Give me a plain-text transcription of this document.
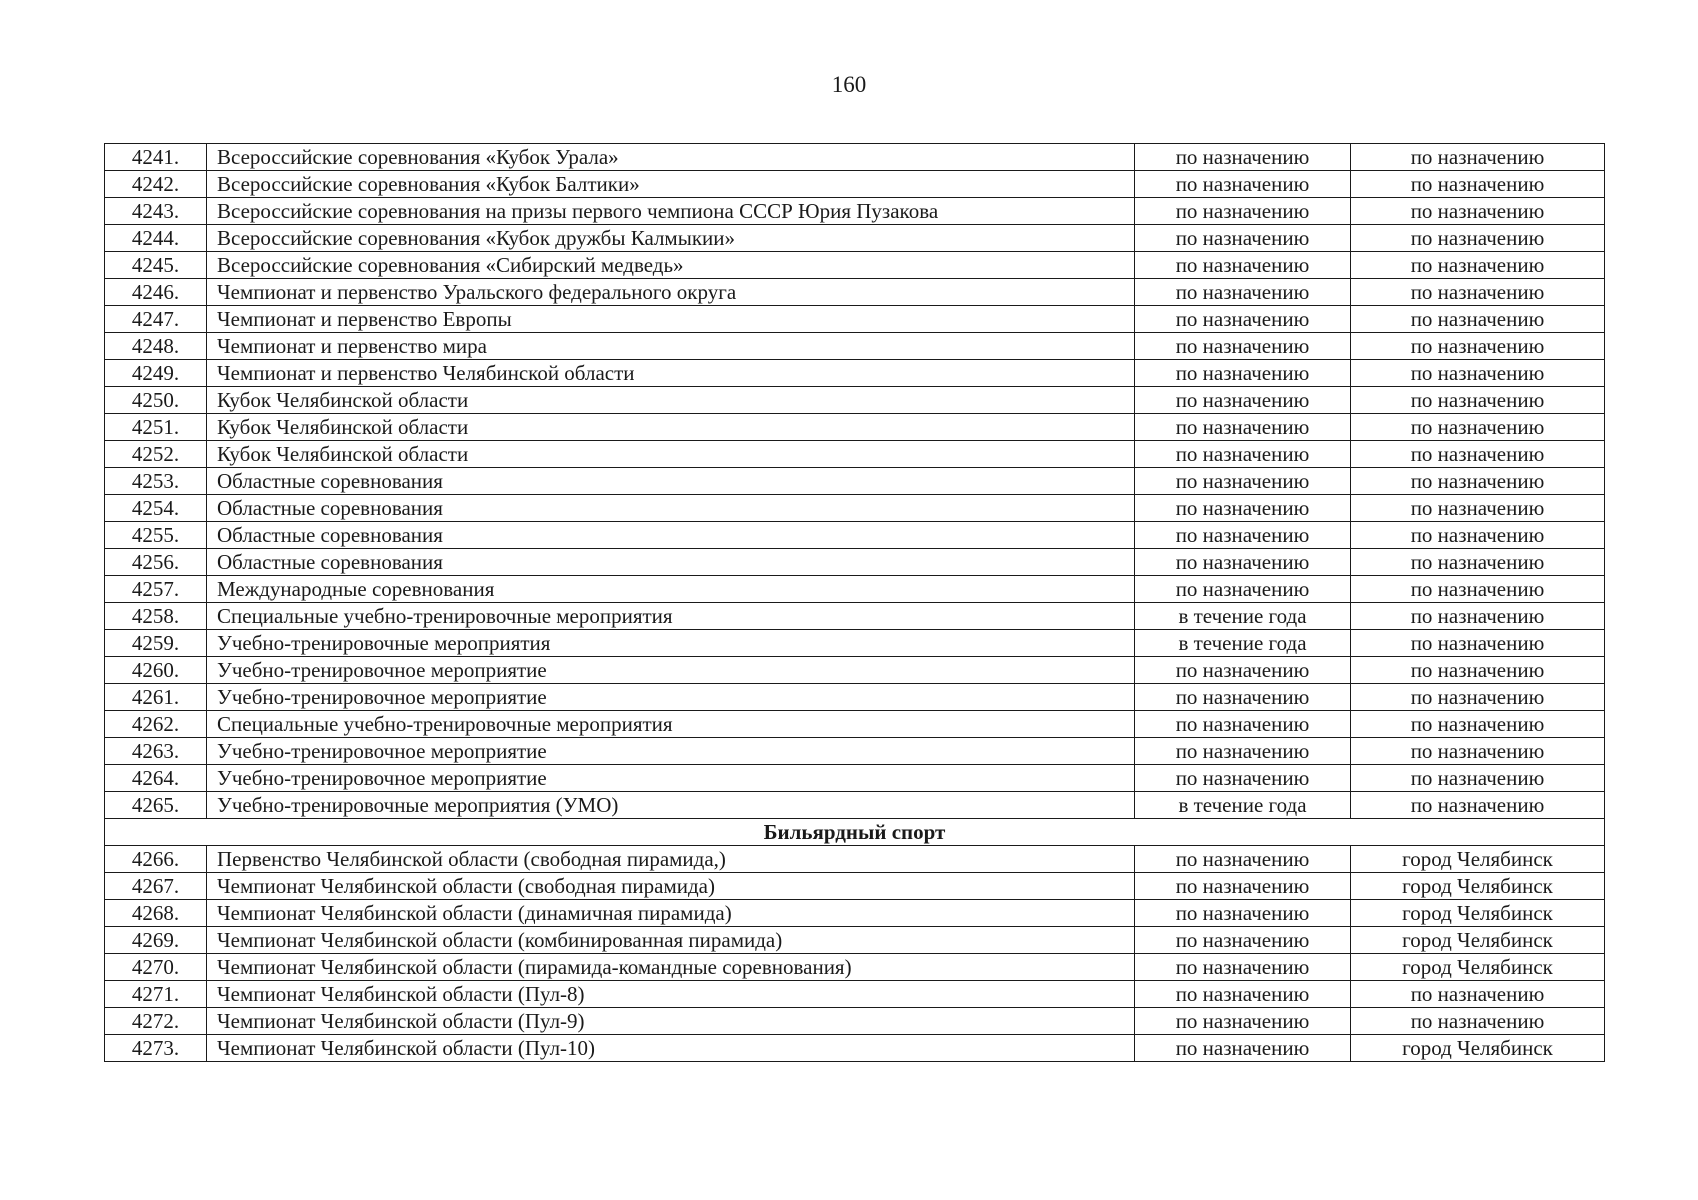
160
4241.	Всероссийские соревнования «Кубок Урала»	по назначению	по назначению
4242.	Всероссийские соревнования «Кубок Балтики»	по назначению	по назначению
4243.	Всероссийские соревнования на призы первого чемпиона СССР Юрия Пузакова	по назначению	по назначению
4244.	Всероссийские соревнования «Кубок дружбы Калмыкии»	по назначению	по назначению
4245.	Всероссийские соревнования «Сибирский медведь»	по назначению	по назначению
4246.	Чемпионат и первенство Уральского федерального округа	по назначению	по назначению
4247.	Чемпионат и первенство Европы	по назначению	по назначению
4248.	Чемпионат и первенство мира	по назначению	по назначению
4249.	Чемпионат и первенство Челябинской области	по назначению	по назначению
4250.	Кубок Челябинской области	по назначению	по назначению
4251.	Кубок Челябинской области	по назначению	по назначению
4252.	Кубок Челябинской области	по назначению	по назначению
4253.	Областные соревнования	по назначению	по назначению
4254.	Областные соревнования	по назначению	по назначению
4255.	Областные соревнования	по назначению	по назначению
4256.	Областные соревнования	по назначению	по назначению
4257.	Международные соревнования	по назначению	по назначению
4258.	Специальные учебно-тренировочные мероприятия	в течение года	по назначению
4259.	Учебно-тренировочные мероприятия	в течение года	по назначению
4260.	Учебно-тренировочное мероприятие	по назначению	по назначению
4261.	Учебно-тренировочное мероприятие	по назначению	по назначению
4262.	Специальные учебно-тренировочные мероприятия	по назначению	по назначению
4263.	Учебно-тренировочное мероприятие	по назначению	по назначению
4264.	Учебно-тренировочное мероприятие	по назначению	по назначению
4265.	Учебно-тренировочные мероприятия (УМО)	в течение года	по назначению
Бильярдный спорт			
4266.	Первенство Челябинской области (свободная пирамида,)	по назначению	город Челябинск
4267.	Чемпионат Челябинской области (свободная пирамида)	по назначению	город Челябинск
4268.	Чемпионат Челябинской области (динамичная пирамида)	по назначению	город Челябинск
4269.	Чемпионат Челябинской области (комбинированная пирамида)	по назначению	город Челябинск
4270.	Чемпионат Челябинской области (пирамида-командные соревнования)	по назначению	город Челябинск
4271.	Чемпионат Челябинской области (Пул-8)	по назначению	по назначению
4272.	Чемпионат Челябинской области (Пул-9)	по назначению	по назначению
4273.	Чемпионат Челябинской области (Пул-10)	по назначению	город Челябинск
